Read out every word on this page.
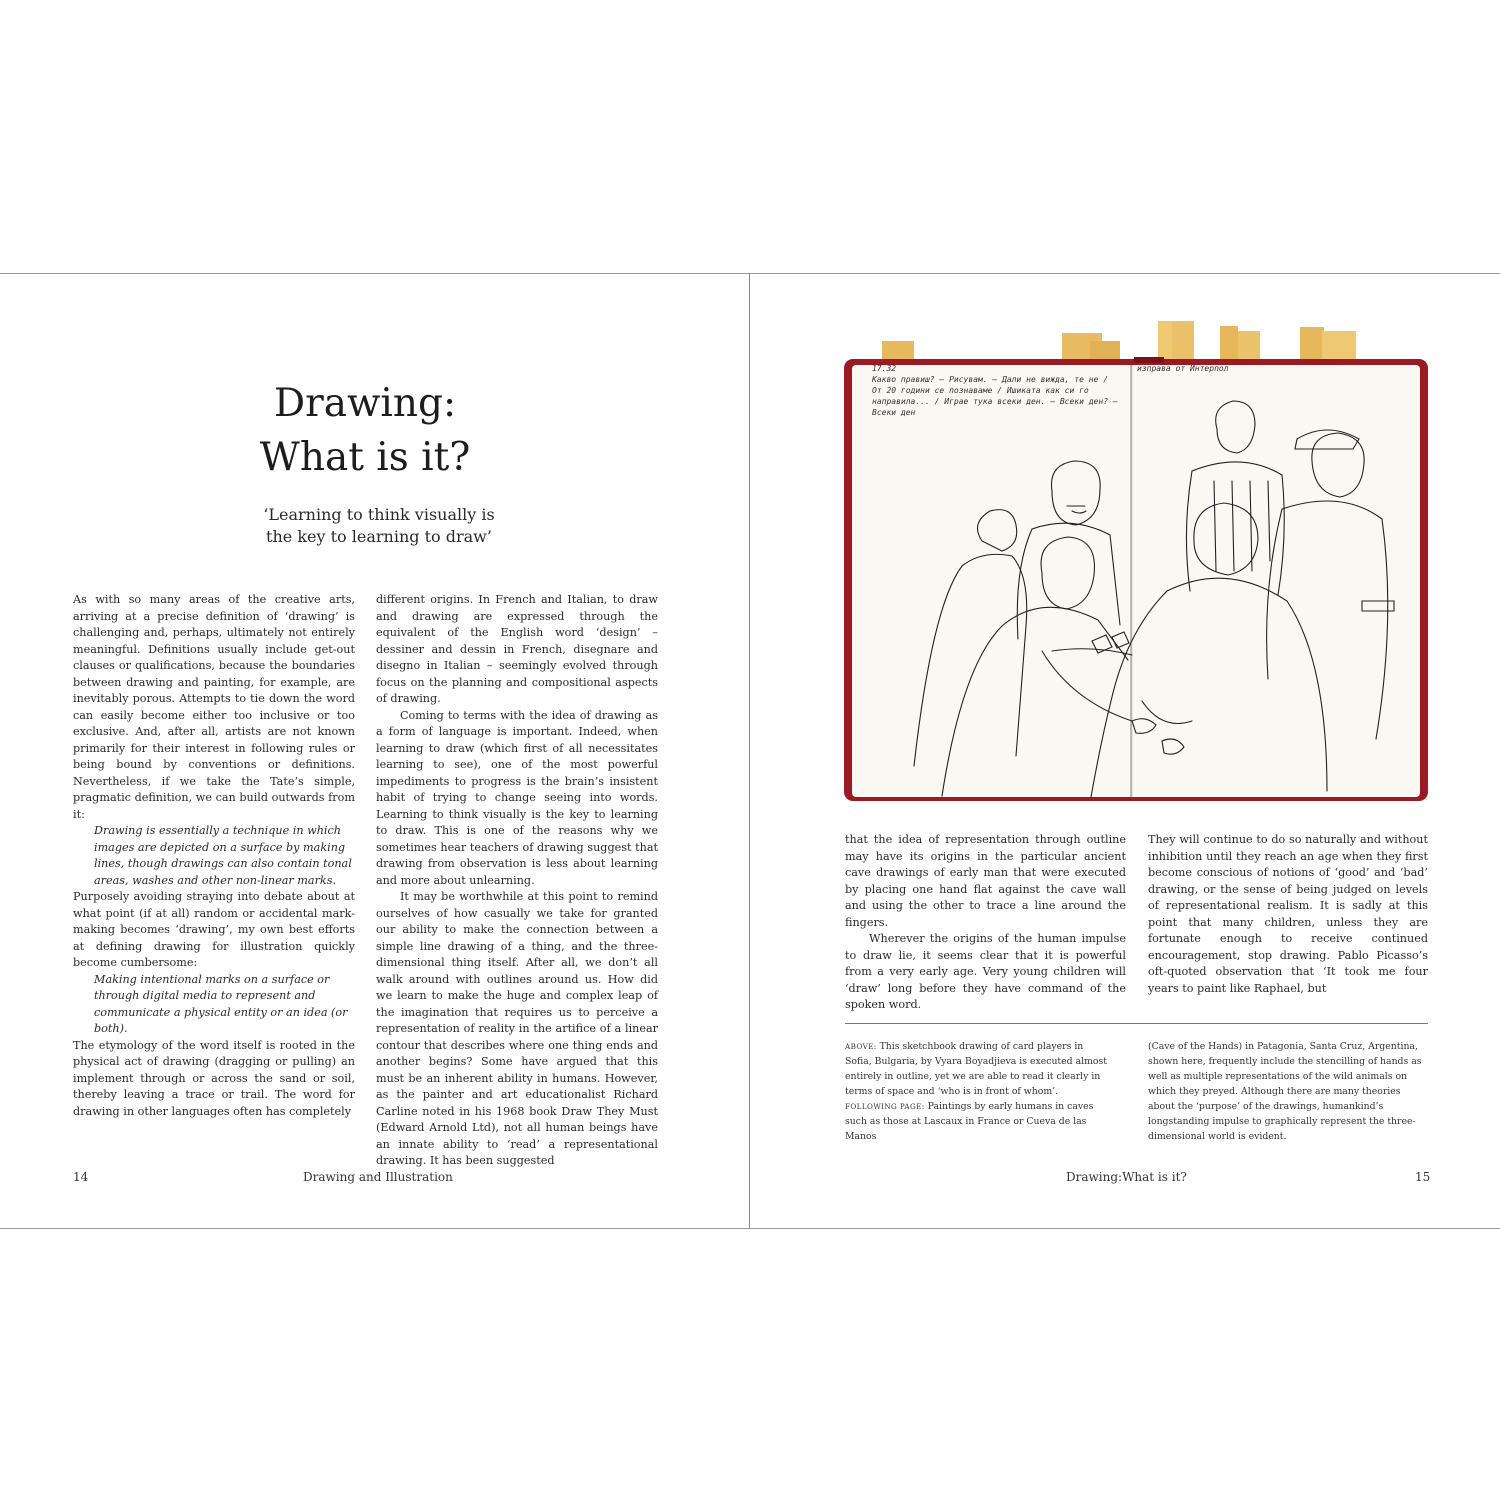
Drawing:
What is it?
‘Learning to think visually is
the key to learning to draw’

As with so many areas of the creative arts, arriving at a precise definition of ‘drawing’ is challenging and, perhaps, ultimately not entirely meaningful. Definitions usually include get-out clauses or qualifications, because the boundaries between drawing and painting, for example, are inevitably porous. Attempts to tie down the word can easily become either too inclusive or too exclusive. And, after all, artists are not known primarily for their interest in following rules or being bound by conventions or definitions. Nevertheless, if we take the Tate’s simple, pragmatic definition, we can build outwards from it:

Drawing is essentially a technique in which images are depicted on a surface by making lines, though drawings can also contain tonal areas, washes and other non-linear marks.

Purposely avoiding straying into debate about at what point (if at all) random or accidental mark-making becomes ‘drawing’, my own best efforts at defining drawing for illustration quickly become cumbersome:

Making intentional marks on a surface or through digital media to represent and communicate a physical entity or an idea (or both).

The etymology of the word itself is rooted in the physical act of drawing (dragging or pulling) an implement through or across the sand or soil, thereby leaving a trace or trail. The word for drawing in other languages often has completely

different origins. In French and Italian, to draw and drawing are expressed through the equivalent of the English word ‘design’ – dessiner and dessin in French, disegnare and disegno in Italian – seemingly evolved through focus on the planning and compositional aspects of drawing.

Coming to terms with the idea of drawing as a form of language is important. Indeed, when learning to draw (which first of all necessitates learning to see), one of the most powerful impediments to progress is the brain’s insistent habit of trying to change seeing into words. Learning to think visually is the key to learning to draw. This is one of the reasons why we sometimes hear teachers of drawing suggest that drawing from observation is less about learning and more about unlearning.

It may be worthwhile at this point to remind ourselves of how casually we take for granted our ability to make the connection between a simple line drawing of a thing, and the three-dimensional thing itself. After all, we don’t all walk around with outlines around us. How did we learn to make the huge and complex leap of the imagination that requires us to perceive a representation of reality in the artifice of a linear contour that describes where one thing ends and another begins? Some have argued that this must be an inherent ability in humans. However, as the painter and art educationalist Richard Carline noted in his 1968 book Draw They Must (Edward Arnold Ltd), not all human beings have an innate ability to ‘read’ a representational drawing. It has been suggested

14	Drawing and Illustration
17.32
Какво правиш? – Рисувам. – Дали не вижда, те не / От 20 години се познаваме / Ишиката как си го направила... / Играе тука всеки ден. – Всеки ден? – Всеки ден
изправа от Интерпол

that the idea of representation through outline may have its origins in the particular ancient cave drawings of early man that were executed by placing one hand flat against the cave wall and using the other to trace a line around the fingers.

Wherever the origins of the human impulse to draw lie, it seems clear that it is powerful from a very early age. Very young children will ‘draw’ long before they have command of the spoken word.

They will continue to do so naturally and without inhibition until they reach an age when they first become conscious of notions of ‘good’ and ‘bad’ drawing, or the sense of being judged on levels of representational realism. It is sadly at this point that many children, unless they are fortunate enough to receive continued encouragement, stop drawing. Pablo Picasso’s oft-quoted observation that ‘It took me four years to paint like Raphael, but

ABOVE: This sketchbook drawing of card players in Sofia, Bulgaria, by Vyara Boyadjieva is executed almost entirely in outline, yet we are able to read it clearly in terms of space and ‘who is in front of whom’.
FOLLOWING PAGE: Paintings by early humans in caves such as those at Lascaux in France or Cueva de las Manos
(Cave of the Hands) in Patagonia, Santa Cruz, Argentina, shown here, frequently include the stencilling of hands as well as multiple representations of the wild animals on which they preyed. Although there are many theories about the ‘purpose’ of the drawings, humankind’s longstanding impulse to graphically represent the three-dimensional world is evident.
Drawing:What is it?	15
